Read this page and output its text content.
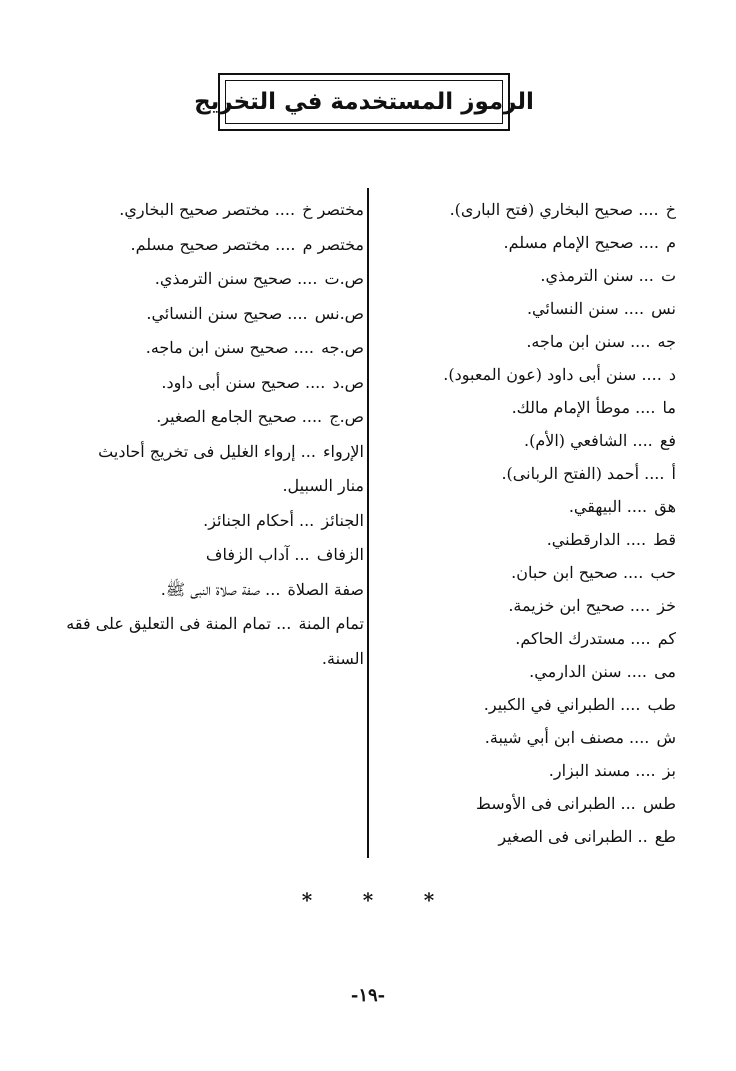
الرموز المستخدمة في التخريج
خ .... صحيح البخاري (فتح البارى).
م .... صحيح الإمام مسلم.
ت ... سنن الترمذي.
نس .... سنن النسائي.
جه .... سنن ابن ماجه.
د .... سنن أبى داود (عون المعبود).
ما .... موطأ الإمام مالك.
فع .... الشافعي (الأم).
أ .... أحمد (الفتح الربانى).
هق .... البيهقي.
قط .... الدارقطني.
حب .... صحيح ابن حبان.
خز .... صحيح ابن خزيمة.
كم .... مستدرك الحاكم.
مى .... سنن الدارمي.
طب .... الطبراني في الكبير.
ش .... مصنف ابن أبي شيبة.
بز .... مسند البزار.
طس ... الطبرانى فى الأوسط
طع .. الطبرانى فى الصغير
مختصر خ .... مختصر صحيح البخاري.
مختصر م .... مختصر صحيح مسلم.
ص.ت .... صحيح سنن الترمذي.
ص.نس .... صحيح سنن النسائي.
ص.جه .... صحيح سنن ابن ماجه.
ص.د .... صحيح سنن أبى داود.
ص.ج .... صحيح الجامع الصغير.
الإرواء ... إرواء الغليل فى تخريج أحاديث
منار السبيل.
الجنائز ... أحكام الجنائز.
الزفاف ... آداب الزفاف
صفة الصلاة ... صفة صلاة النبى ﷺ.
تمام المنة ... تمام المنة فى التعليق على فقه
السنة.
*	*	*
-١٩-
